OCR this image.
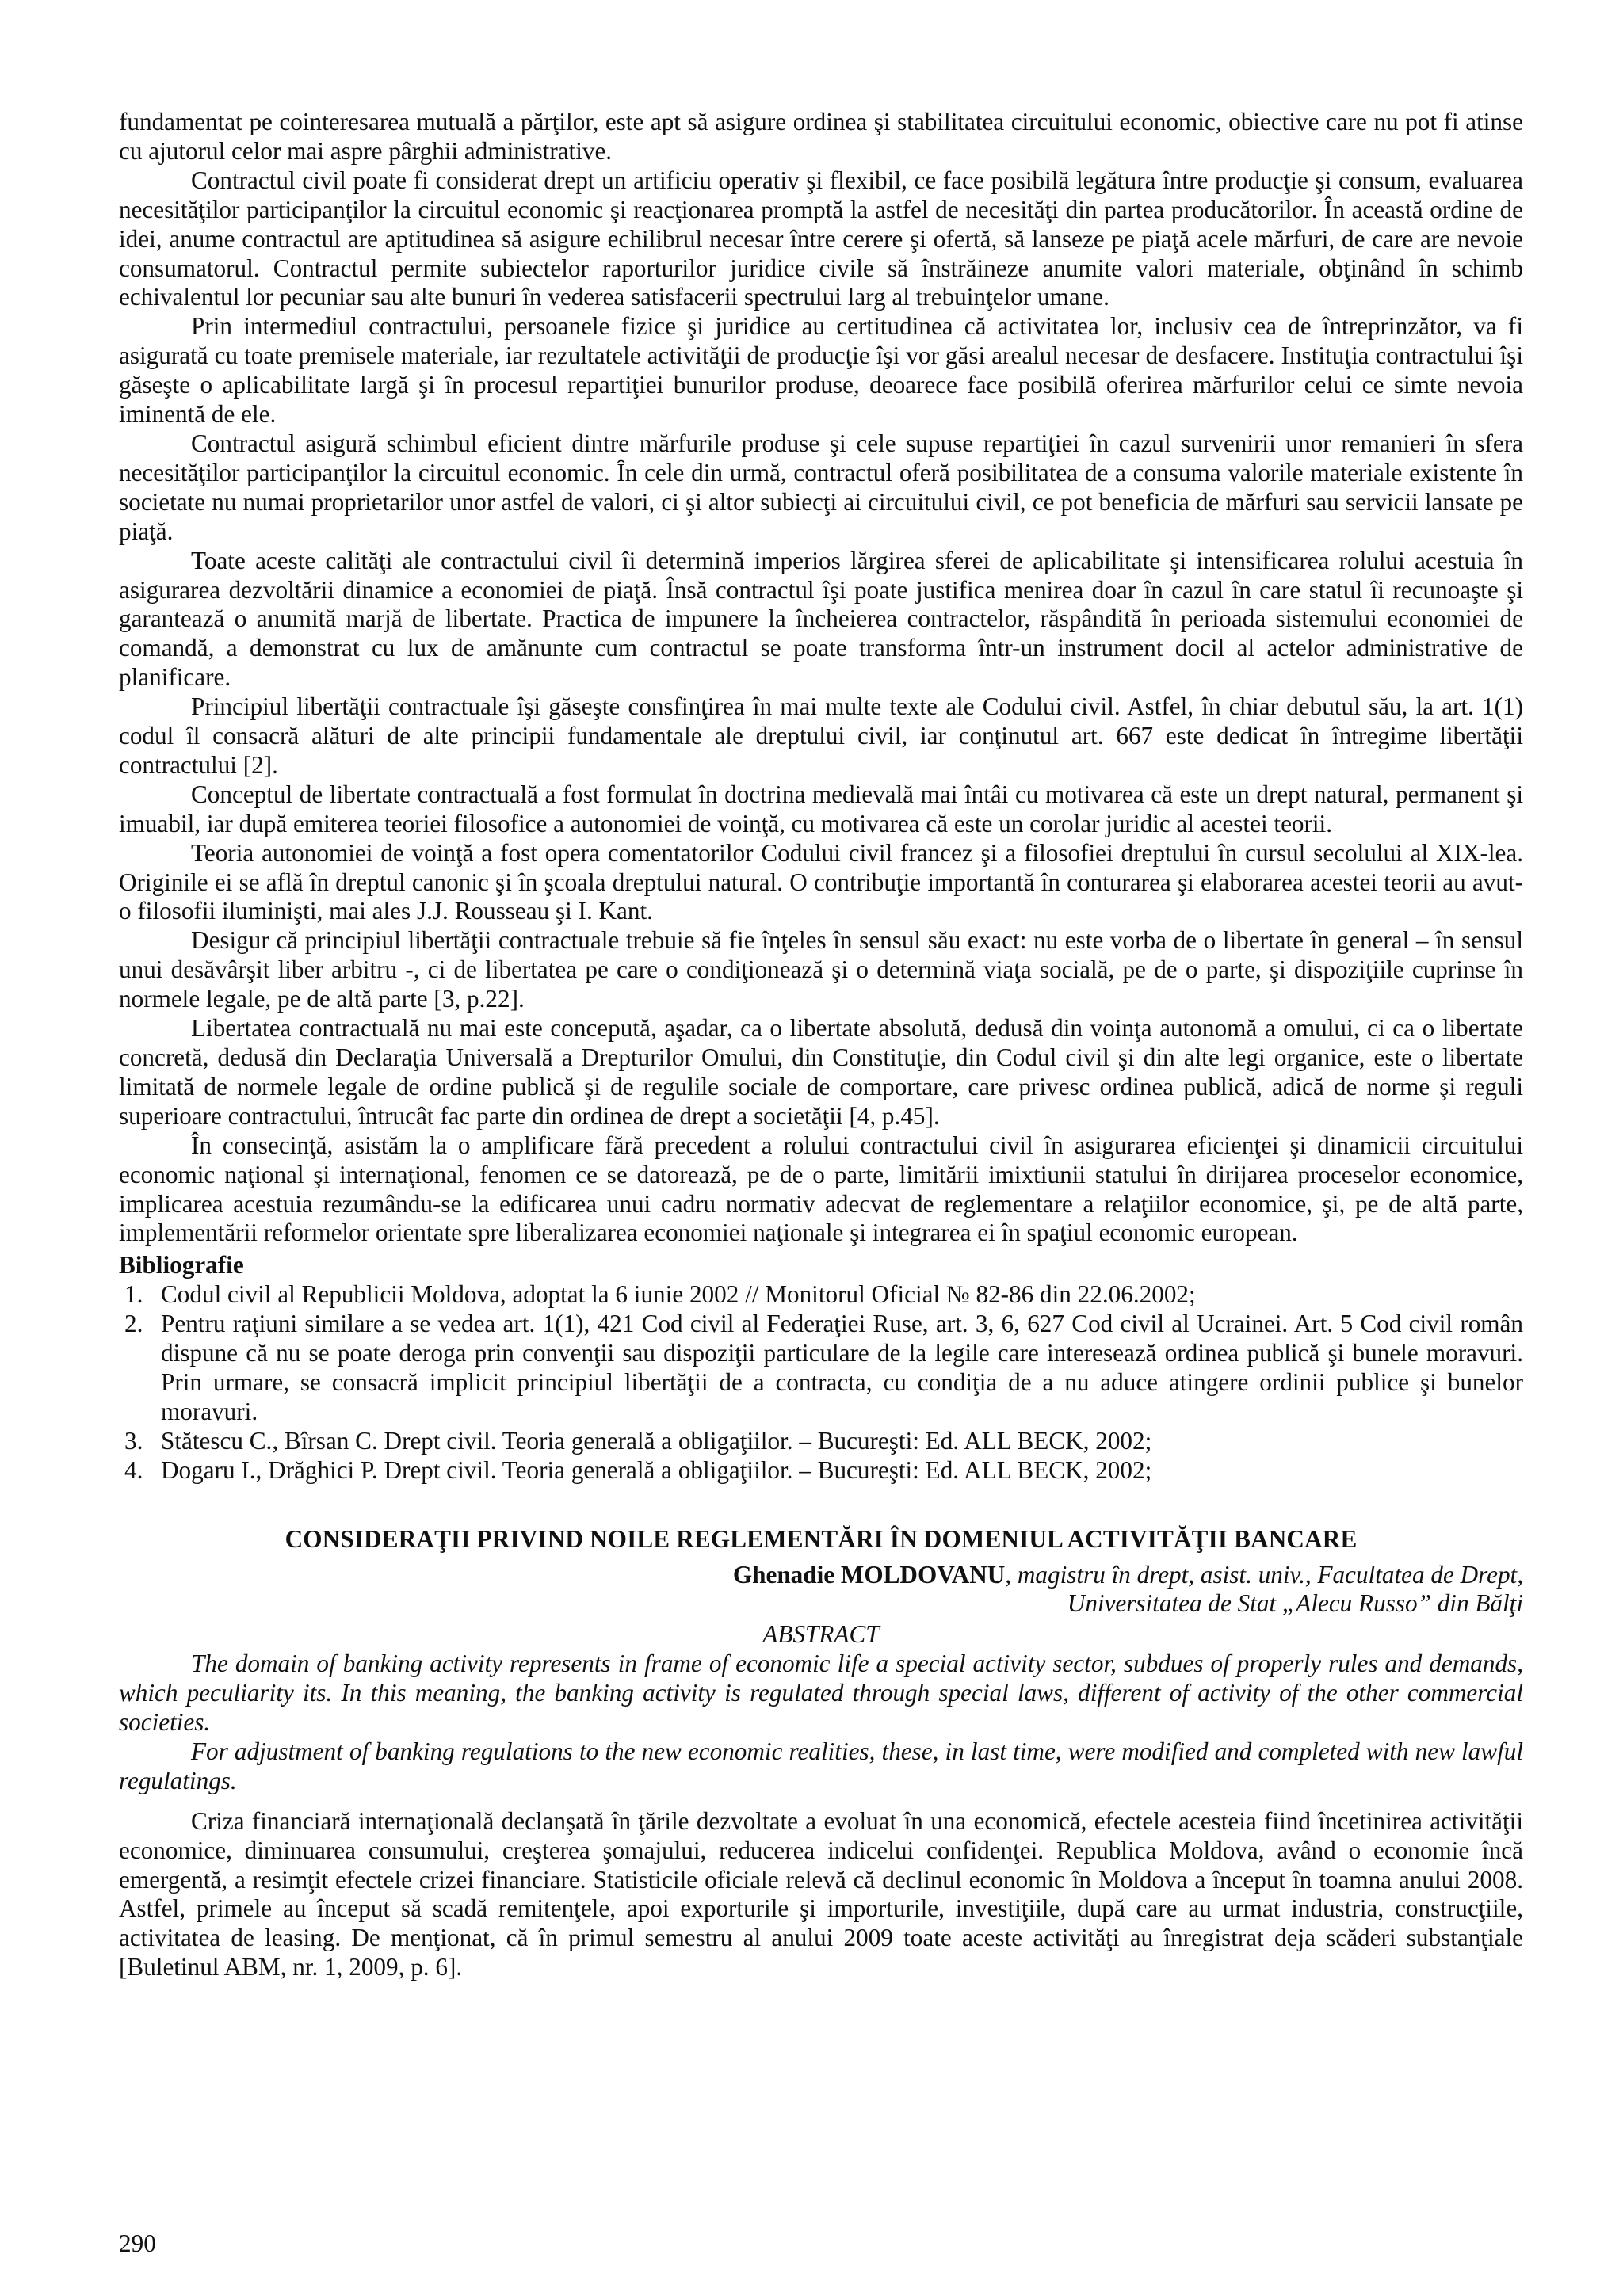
fundamentat pe cointeresarea mutuală a părţilor, este apt să asigure ordinea şi stabilitatea circuitului economic, obiective care nu pot fi atinse cu ajutorul celor mai aspre pârghii administrative.

Contractul civil poate fi considerat drept un artificiu operativ şi flexibil, ce face posibilă legătura între producţie şi consum, evaluarea necesităţilor participanţilor la circuitul economic şi reacţionarea promptă la astfel de necesităţi din partea producătorilor. În această ordine de idei, anume contractul are aptitudinea să asigure echilibrul necesar între cerere şi ofertă, să lanseze pe piaţă acele mărfuri, de care are nevoie consumatorul. Contractul permite subiectelor raporturilor juridice civile să înstrăineze anumite valori materiale, obţinând în schimb echivalentul lor pecuniar sau alte bunuri în vederea satisfacerii spectrului larg al trebuinţelor umane.

Prin intermediul contractului, persoanele fizice şi juridice au certitudinea că activitatea lor, inclusiv cea de întreprinzător, va fi asigurată cu toate premisele materiale, iar rezultatele activităţii de producţie îşi vor găsi arealul necesar de desfacere. Instituţia contractului îşi găseşte o aplicabilitate largă şi în procesul repartiţiei bunurilor produse, deoarece face posibilă oferirea mărfurilor celui ce simte nevoia iminentă de ele.

Contractul asigură schimbul eficient dintre mărfurile produse şi cele supuse repartiţiei în cazul survenirii unor remanieri în sfera necesităţilor participanţilor la circuitul economic. În cele din urmă, contractul oferă posibilitatea de a consuma valorile materiale existente în societate nu numai proprietarilor unor astfel de valori, ci şi altor subiecţi ai circuitului civil, ce pot beneficia de mărfuri sau servicii lansate pe piaţă.

Toate aceste calităţi ale contractului civil îi determină imperios lărgirea sferei de aplicabilitate şi intensificarea rolului acestuia în asigurarea dezvoltării dinamice a economiei de piaţă. Însă contractul îşi poate justifica menirea doar în cazul în care statul îi recunoaşte şi garantează o anumită marjă de libertate. Practica de impunere la încheierea contractelor, răspândită în perioada sistemului economiei de comandă, a demonstrat cu lux de amănunte cum contractul se poate transforma într-un instrument docil al actelor administrative de planificare.

Principiul libertăţii contractuale îşi găseşte consfinţirea în mai multe texte ale Codului civil. Astfel, în chiar debutul său, la art. 1(1) codul îl consacră alături de alte principii fundamentale ale dreptului civil, iar conţinutul art. 667 este dedicat în întregime libertăţii contractului [2].

Conceptul de libertate contractuală a fost formulat în doctrina medievală mai întâi cu motivarea că este un drept natural, permanent şi imuabil, iar după emiterea teoriei filosofice a autonomiei de voinţă, cu motivarea că este un corolar juridic al acestei teorii.

Teoria autonomiei de voinţă a fost opera comentatorilor Codului civil francez şi a filosofiei dreptului în cursul secolului al XIX-lea. Originile ei se află în dreptul canonic şi în şcoala dreptului natural. O contribuţie importantă în conturarea şi elaborarea acestei teorii au avut-o filosofii iluminişti, mai ales J.J. Rousseau şi I. Kant.

Desigur că principiul libertăţii contractuale trebuie să fie înţeles în sensul său exact: nu este vorba de o libertate în general – în sensul unui desăvârşit liber arbitru -, ci de libertatea pe care o condiţionează şi o determină viaţa socială, pe de o parte, şi dispoziţiile cuprinse în normele legale, pe de altă parte [3, p.22].

Libertatea contractuală nu mai este concepută, aşadar, ca o libertate absolută, dedusă din voinţa autonomă a omului, ci ca o libertate concretă, dedusă din Declaraţia Universală a Drepturilor Omului, din Constituţie, din Codul civil şi din alte legi organice, este o libertate limitată de normele legale de ordine publică şi de regulile sociale de comportare, care privesc ordinea publică, adică de norme şi reguli superioare contractului, întrucât fac parte din ordinea de drept a societăţii [4, p.45].

În consecinţă, asistăm la o amplificare fără precedent a rolului contractului civil în asigurarea eficienţei şi dinamicii circuitului economic naţional şi internaţional, fenomen ce se datorează, pe de o parte, limitării imixtiunii statului în dirijarea proceselor economice, implicarea acestuia rezumându-se la edificarea unui cadru normativ adecvat de reglementare a relaţiilor economice, şi, pe de altă parte, implementării reformelor orientate spre liberalizarea economiei naţionale şi integrarea ei în spaţiul economic european.

Bibliografie

1. Codul civil al Republicii Moldova, adoptat la 6 iunie 2002 // Monitorul Oficial № 82-86 din 22.06.2002;
2. Pentru raţiuni similare a se vedea art. 1(1), 421 Cod civil al Federaţiei Ruse, art. 3, 6, 627 Cod civil al Ucrainei. Art. 5 Cod civil român dispune că nu se poate deroga prin convenţii sau dispoziţii particulare de la legile care interesează ordinea publică şi bunele moravuri. Prin urmare, se consacră implicit principiul libertăţii de a contracta, cu condiţia de a nu aduce atingere ordinii publice şi bunelor moravuri.
3. Stătescu C., Bîrsan C. Drept civil. Teoria generală a obligaţiilor. – Bucureşti: Ed. ALL BECK, 2002;
4. Dogaru I., Drăghici P. Drept civil. Teoria generală a obligaţiilor. – Bucureşti: Ed. ALL BECK, 2002;

CONSIDERAŢII PRIVIND NOILE REGLEMENTĂRI ÎN DOMENIUL ACTIVITĂŢII BANCARE

Ghenadie MOLDOVANU, magistru în drept, asist. univ., Facultatea de Drept,
Universitatea de Stat „Alecu Russo” din Bălţi

ABSTRACT

The domain of banking activity represents in frame of economic life a special activity sector, subdues of properly rules and demands, which peculiarity its. In this meaning, the banking activity is regulated through special laws, different of activity of the other commercial societies.

For adjustment of banking regulations to the new economic realities, these, in last time, were modified and completed with new lawful regulatings.

Criza financiară internaţională declanşată în ţările dezvoltate a evoluat în una economică, efectele acesteia fiind încetinirea activităţii economice, diminuarea consumului, creşterea şomajului, reducerea indicelui confidenţei. Republica Moldova, având o economie încă emergentă, a resimţit efectele crizei financiare. Statisticile oficiale relevă că declinul economic în Moldova a început în toamna anului 2008. Astfel, primele au început să scadă remitenţele, apoi exporturile şi importurile, investiţiile, după care au urmat industria, construcţiile, activitatea de leasing. De menţionat, că în primul semestru al anului 2009 toate aceste activităţi au înregistrat deja scăderi substanţiale [Buletinul ABM, nr. 1, 2009, p. 6].

290
